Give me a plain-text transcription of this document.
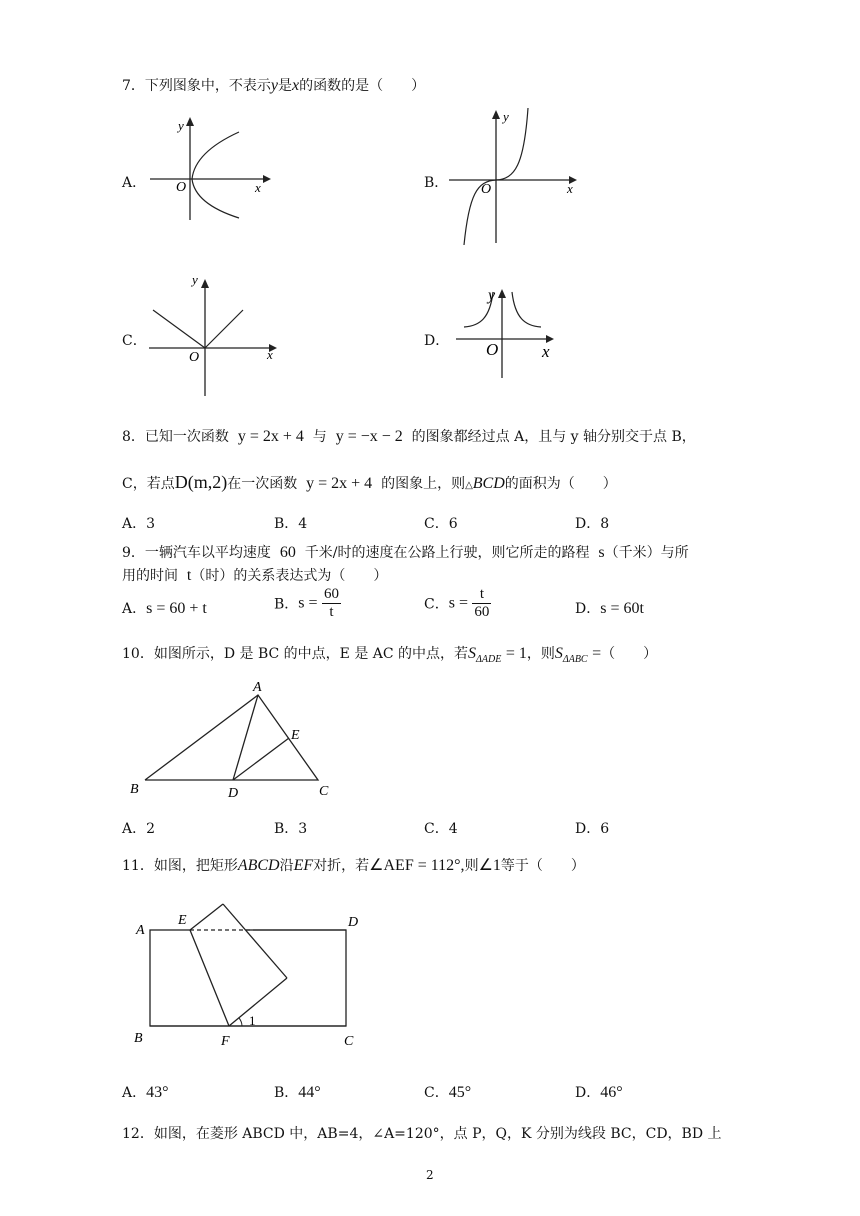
7．下列图象中，不表示y是x的函数的是（　　）
A． O	x
y
B． O	x
y
C．
O	x
y
D． O	x
y
8．已知一次函数 y = 2x + 4 与 y = −x − 2 的图象都经过点 A，且与 y 轴分别交于点 B，
C，若点D(m,2)在一次函数 y = 2x + 4 的图象上，则△BCD的面积为（　　）
A．3	B．4	C．6	D．8
9．一辆汽车以平均速度 60 千米/时的速度在公路上行驶，则它所走的路程 s（千米）与所
用的时间 t（时）的关系表达式为（　　）
A．s = 60 + t	B．$s = \frac{60}{t}$	C．$s = \frac{t}{60}$	D．s = 60t
10．如图所示，D 是 BC 的中点，E 是 AC 的中点，若$S_{\Delta ADE} = 1$，则$S_{\Delta ABC}$ =（　　）
A
B	C
D
E
A．2	B．3	C．4	D．6
11．如图，把矩形ABCD沿EF对折，若∠AEF = 112°,则∠1等于（　　）
A
E	D
B	F	C
1
A．43°	B．44°	C．45°	D．46°
12．如图，在菱形 ABCD 中，AB=4，∠A=120°，点 P，Q，K 分别为线段 BC，CD，BD 上
2
